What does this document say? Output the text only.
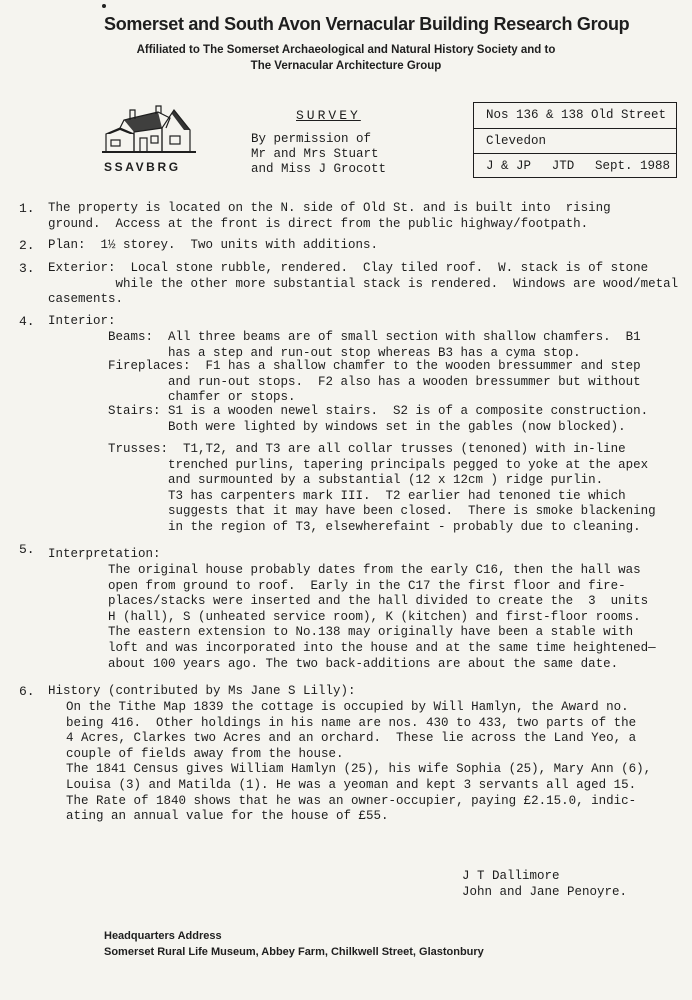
Somerset and South Avon Vernacular Building Research Group
Affiliated to The Somerset Archaeological and Natural History Society and to
The Vernacular Architecture Group
SSAVBRG
SURVEY
By permission of
Mr and Mrs Stuart
and Miss J Grocott
Nos 136 & 138 Old Street
Clevedon
J & JP JTD Sept. 1988
1. The property is located on the N. side of Old St. and is built into  rising
ground.  Access at the front is direct from the public highway/footpath.
2. Plan:  1½ storey.  Two units with additions.
3. Exterior:  Local stone rubble, rendered.  Clay tiled roof.  W. stack is of stone
while the other more substantial stack is rendered.  Windows are wood/metal
casements.
4. Interior:
Beams:  All three beams are of small section with shallow chamfers.  B1
has a step and run-out stop whereas B3 has a cyma stop.
Fireplaces:  F1 has a shallow chamfer to the wooden bressummer and step
and run-out stops.  F2 also has a wooden bressummer but without
chamfer or stops.
Stairs: S1 is a wooden newel stairs.  S2 is of a composite construction.
Both were lighted by windows set in the gables (now blocked).
Trusses:  T1,T2, and T3 are all collar trusses (tenoned) with in-line
trenched purlins, tapering principals pegged to yoke at the apex
and surmounted by a substantial (12 x 12cm ) ridge purlin.
T3 has carpenters mark III.  T2 earlier had tenoned tie which
suggests that it may have been closed.  There is smoke blackening
in the region of T3, elsewherefaint - probably due to cleaning.
5. Interpretation:
The original house probably dates from the early C16, then the hall was
open from ground to roof.  Early in the C17 the first floor and fire-
places/stacks were inserted and the hall divided to create the  3  units
H (hall), S (unheated service room), K (kitchen) and first-floor rooms.
The eastern extension to No.138 may originally have been a stable with
loft and was incorporated into the house and at the same time heightened—
about 100 years ago. The two back-additions are about the same date.
6. History (contributed by Ms Jane S Lilly):
On the Tithe Map 1839 the cottage is occupied by Will Hamlyn, the Award no.
being 416.  Other holdings in his name are nos. 430 to 433, two parts of the
4 Acres, Clarkes two Acres and an orchard.  These lie across the Land Yeo, a
couple of fields away from the house.
The 1841 Census gives William Hamlyn (25), his wife Sophia (25), Mary Ann (6),
Louisa (3) and Matilda (1). He was a yeoman and kept 3 servants all aged 15.
The Rate of 1840 shows that he was an owner-occupier, paying £2.15.0, indic-
ating an annual value for the house of £55.
J T Dallimore
John and Jane Penoyre.
Headquarters Address
Somerset Rural Life Museum, Abbey Farm, Chilkwell Street, Glastonbury
